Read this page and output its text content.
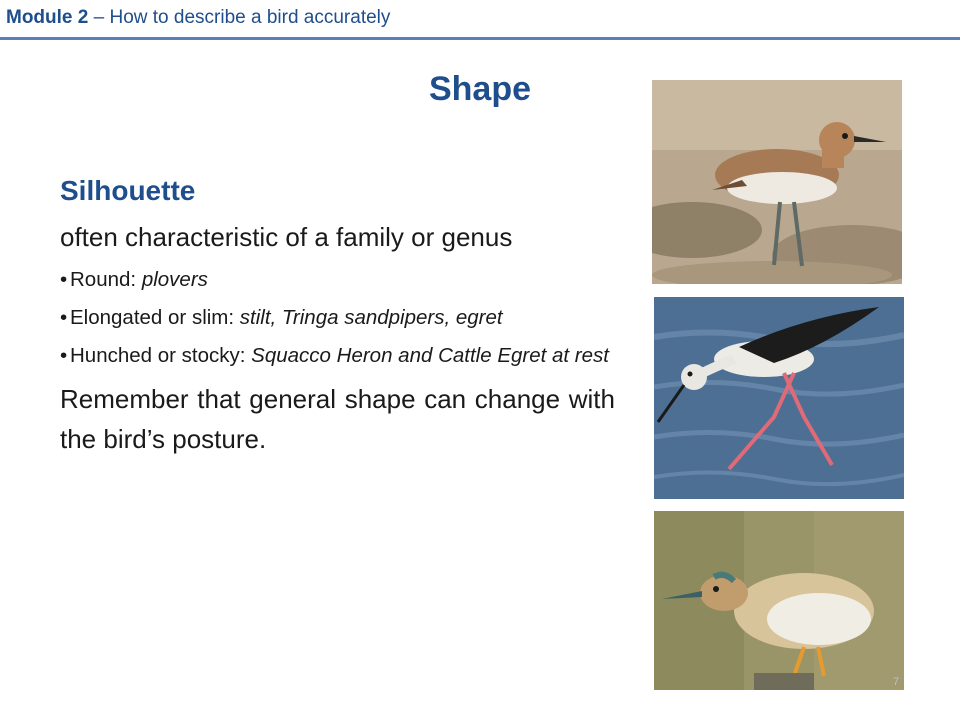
Module 2 – How to describe a bird accurately
Shape
Silhouette
often characteristic of a family or genus
• Round: plovers
• Elongated or slim: stilt, Tringa sandpipers, egret
• Hunched or stocky: Squacco Heron and Cattle Egret at rest
Remember that general shape can change with the bird’s posture.
7
